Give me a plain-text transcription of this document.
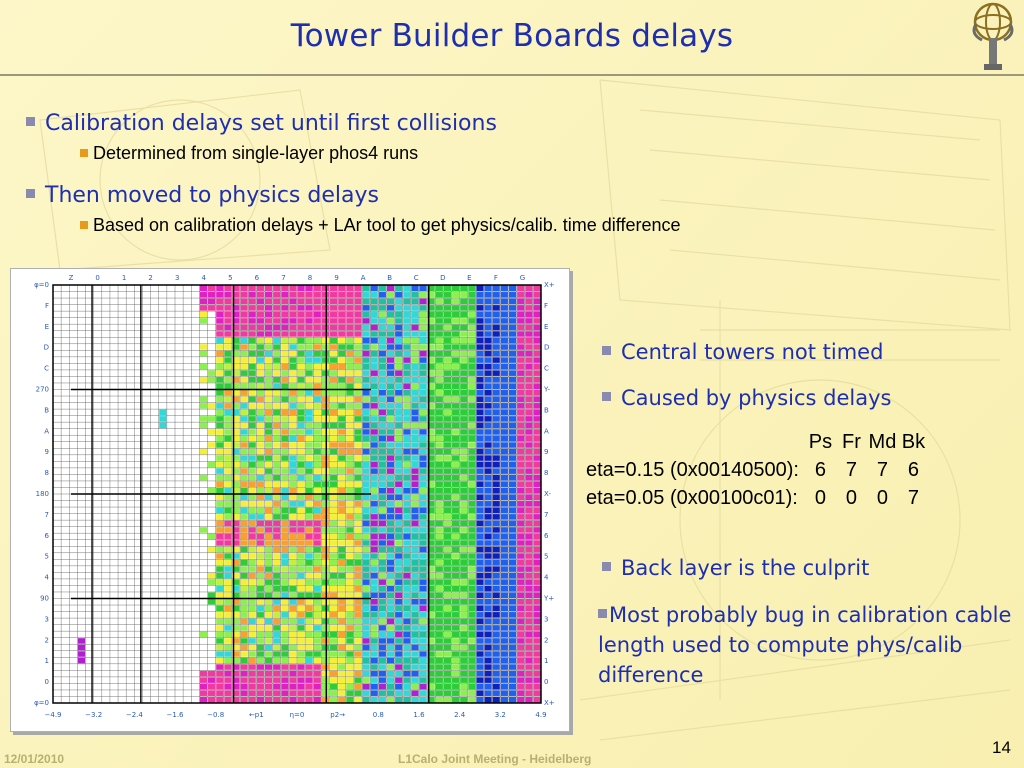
Tower Builder Boards delays
Calibration delays set until first collisions
Determined from single-layer phos4 runs
Then moved to physics delays
Based on calibration delays + LAr tool to get physics/calib. time difference
Z	0	1	2	3	4	5	6	7	8	9	A	B	C	D	E	F	G
φ=0
F
E
D
C
270
B
A
9
8
180
7
6
5
4
90
3
2
1
0
φ=0
X+
F
E
D
C
Y-
B
A
9
8
X-
7
6
5
4
Y+
3
2
1
0
X+
−4.9	−3.2	−2.4	−1.6	−0.8	←p1	η=0	p2→	0.8	1.6	2.4	3.2	4.9
Central towers not timed
Caused by physics delays
	Ps	Fr	Md	Bk
eta=0.15 (0x00140500):	6	7	7	6
eta=0.05 (0x00100c01):	0	0	0	7
Back layer is the culprit
Most probably bug in calibration cable length used to compute phys/calib difference
12/01/2010	L1Calo Joint Meeting - Heidelberg
14
